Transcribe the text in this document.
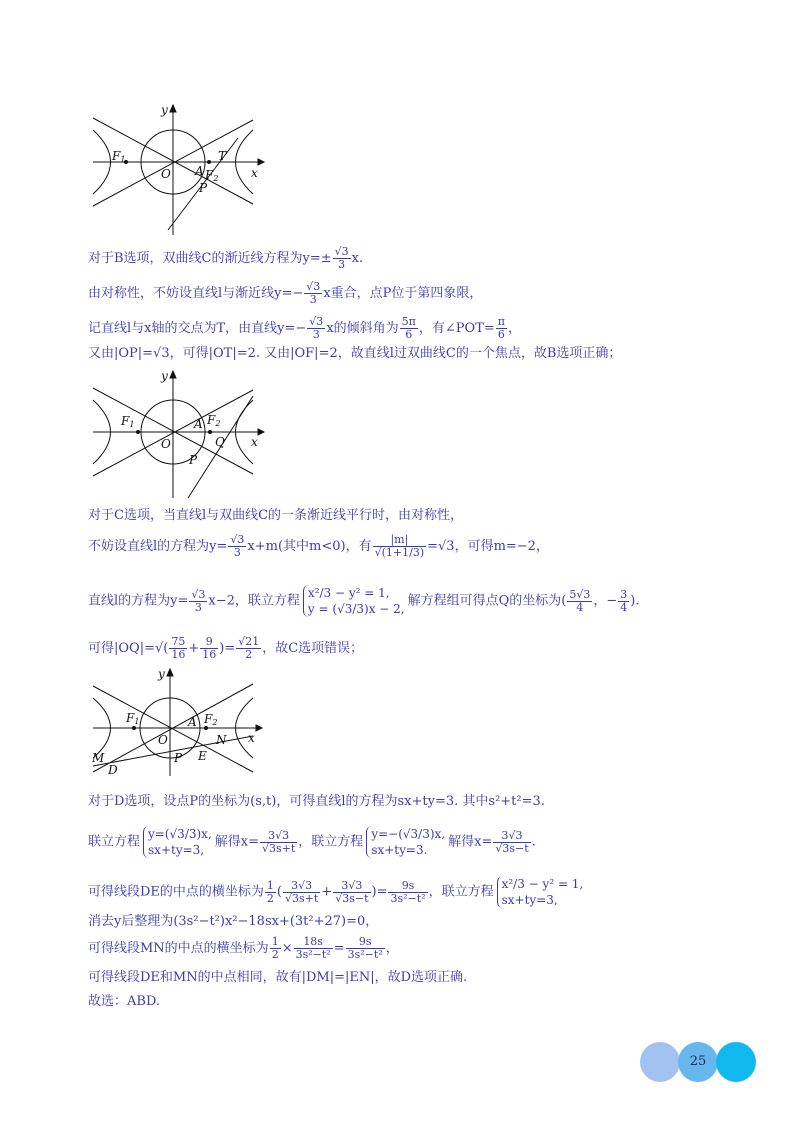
y
x
O
F1
A F2
T
P
对于B选项，双曲线C的渐近线方程为$y=\pm \frac{√3}{3} x$.
由对称性，不妨设直线l与渐近线$y=- \frac{√3}{3}$ x重合，点P位于第四象限，
记直线l与x轴的交点为T，由直线$y=- \frac{√3}{3}$ x的倾斜角为 $\frac{5\pi}{6}$ ，有∠POT= $\frac{\pi}{6}$ ，
又由|OP|=√3，可得|OT|=2. 又由|OF|=2，故直线l过双曲线C的一个焦点，故B选项正确；
y
x
O
F1	A F2
Q
P
对于C选项，当直线l与双曲线C的一条渐近线平行时，由对称性，
不妨设直线l的方程为$y= \frac{√3}{3} x+m$(其中m<0)，有 $\frac{|m|}{√(1+1/3)} =√3$，可得m=−2，
直线l的方程为$y= \frac{√3}{3} x-2$，联立方程
x²/3 − y² = 1,
y = (√3/3)x − 2,
解方程组可得点Q的坐标为( $\frac{5√3}{4}$ ，− $\frac{3}{4}$ ).
可得$|OQ|=√( \frac{75}{16} + \frac{9}{16}$ )= $\frac{√21}{2}$ ，故C选项错误；
y
x
O
F1	A F2
N
M
D
P E
对于D选项，设点P的坐标为(s,t)，可得直线l的方程为sx+ty=3. 其中s²+t²=3.
联立方程
y=(√3/3)x,
sx+ty=3,
解得$x= \frac{3√3}{√3s+t}$ ，联立方程
y=−(√3/3)x,
sx+ty=3.
解得$x= \frac{3√3}{√3s-t}$ .
可得线段DE的中点的横坐标为 $\frac{1}{2}$ ( $\frac{3√3}{√3s+t} + \frac{3√3}{√3s-t}$ )= $\frac{9s}{\text{3s²−t²}}$ ，联立方程
x²/3 − y² = 1,
sx+ty=3,
消去y后整理为(3s²−t²)x²−18sx+(3t²+27)=0，
可得线段MN的中点的横坐标为 $\frac{1}{2} \times \frac{18s}{\text{3s²−t²}} = \frac{9s}{\text{3s²−t²}}$ ，
可得线段DE和MN的中点相同，故有|DM|=|EN|，故D选项正确.
故选：ABD.
25
